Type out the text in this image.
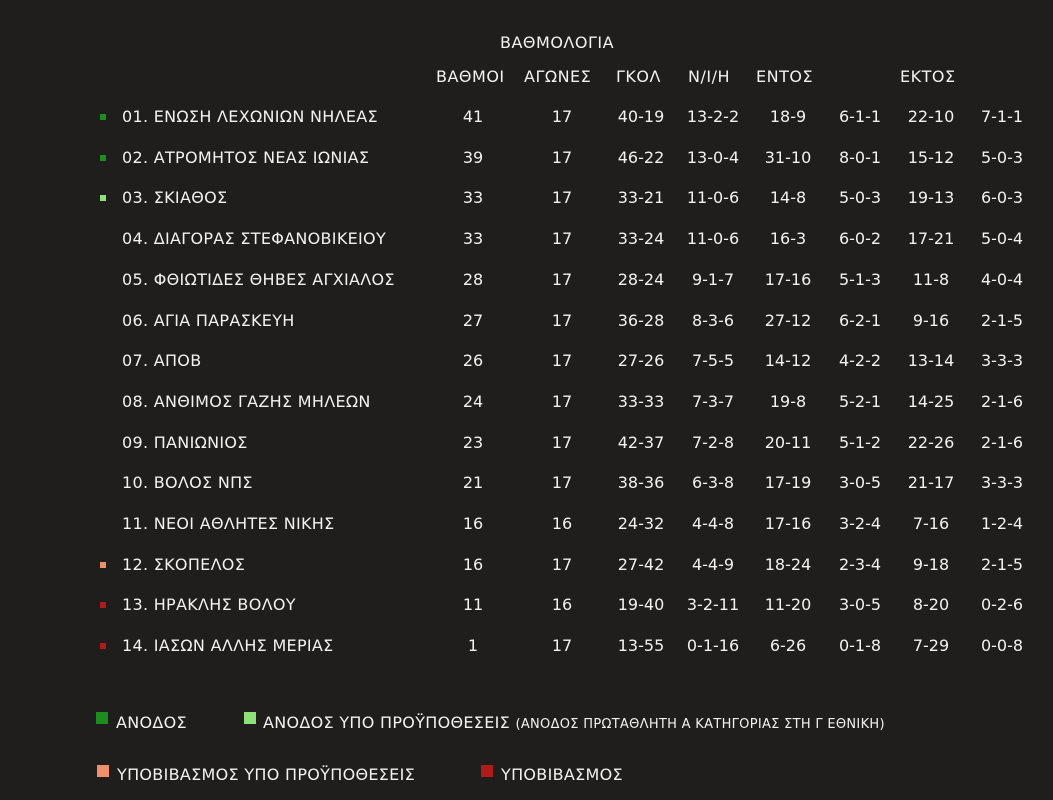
ΒΑΘΜΟΛΟΓΙΑ
ΒΑΘΜΟΙ ΑΓΩΝΕΣ ΓΚΟΛ Ν/Ι/Η ΕΝΤΟΣ	ΕΚΤΟΣ
01. ΕΝΩΣΗ ΛΕΧΩΝΙΩΝ ΝΗΛΕΑΣ	41	17	40-19	13-2-2	18-9	6-1-1	22-10	7-1-1
02. ΑΤΡΟΜΗΤΟΣ ΝΕΑΣ ΙΩΝΙΑΣ	39	17	46-22	13-0-4	31-10	8-0-1	15-12	5-0-3
03. ΣΚΙΑΘΟΣ	33	17	33-21	11-0-6	14-8	5-0-3	19-13	6-0-3
04. ΔΙΑΓΟΡΑΣ ΣΤΕΦΑΝΟΒΙΚΕΙΟΥ	33	17	33-24	11-0-6	16-3	6-0-2	17-21	5-0-4
05. ΦΘΙΩΤΙΔΕΣ ΘΗΒΕΣ ΑΓΧΙΑΛΟΣ	28	17	28-24	9-1-7	17-16	5-1-3	11-8	4-0-4
06. ΑΓΙΑ ΠΑΡΑΣΚΕΥΗ	27	17	36-28	8-3-6	27-12	6-2-1	9-16	2-1-5
07. ΑΠΟΒ	26	17	27-26	7-5-5	14-12	4-2-2	13-14	3-3-3
08. ΑΝΘΙΜΟΣ ΓΑΖΗΣ ΜΗΛΕΩΝ	24	17	33-33	7-3-7	19-8	5-2-1	14-25	2-1-6
09. ΠΑΝΙΩΝΙΟΣ	23	17	42-37	7-2-8	20-11	5-1-2	22-26	2-1-6
10. ΒΟΛΟΣ ΝΠΣ	21	17	38-36	6-3-8	17-19	3-0-5	21-17	3-3-3
11. ΝΕΟΙ ΑΘΛΗΤΕΣ ΝΙΚΗΣ	16	16	24-32	4-4-8	17-16	3-2-4	7-16	1-2-4
12. ΣΚΟΠΕΛΟΣ	16	17	27-42	4-4-9	18-24	2-3-4	9-18	2-1-5
13. ΗΡΑΚΛΗΣ ΒΟΛΟΥ	11	16	19-40	3-2-11	11-20	3-0-5	8-20	0-2-6
14. ΙΑΣΩΝ ΑΛΛΗΣ ΜΕΡΙΑΣ	1	17	13-55	0-1-16	6-26	0-1-8	7-29	0-0-8
ΑΝΟΔΟΣ	ΑΝΟΔΟΣ ΥΠΟ ΠΡΟΫΠΟΘΕΣΕΙΣ (ΑΝΟΔΟΣ ΠΡΩΤΑΘΛΗΤΗ Α ΚΑΤΗΓΟΡΙΑΣ ΣΤΗ Γ ΕΘΝΙΚΗ)
ΥΠΟΒΙΒΑΣΜΟΣ ΥΠΟ ΠΡΟΫΠΟΘΕΣΕΙΣ	ΥΠΟΒΙΒΑΣΜΟΣ
